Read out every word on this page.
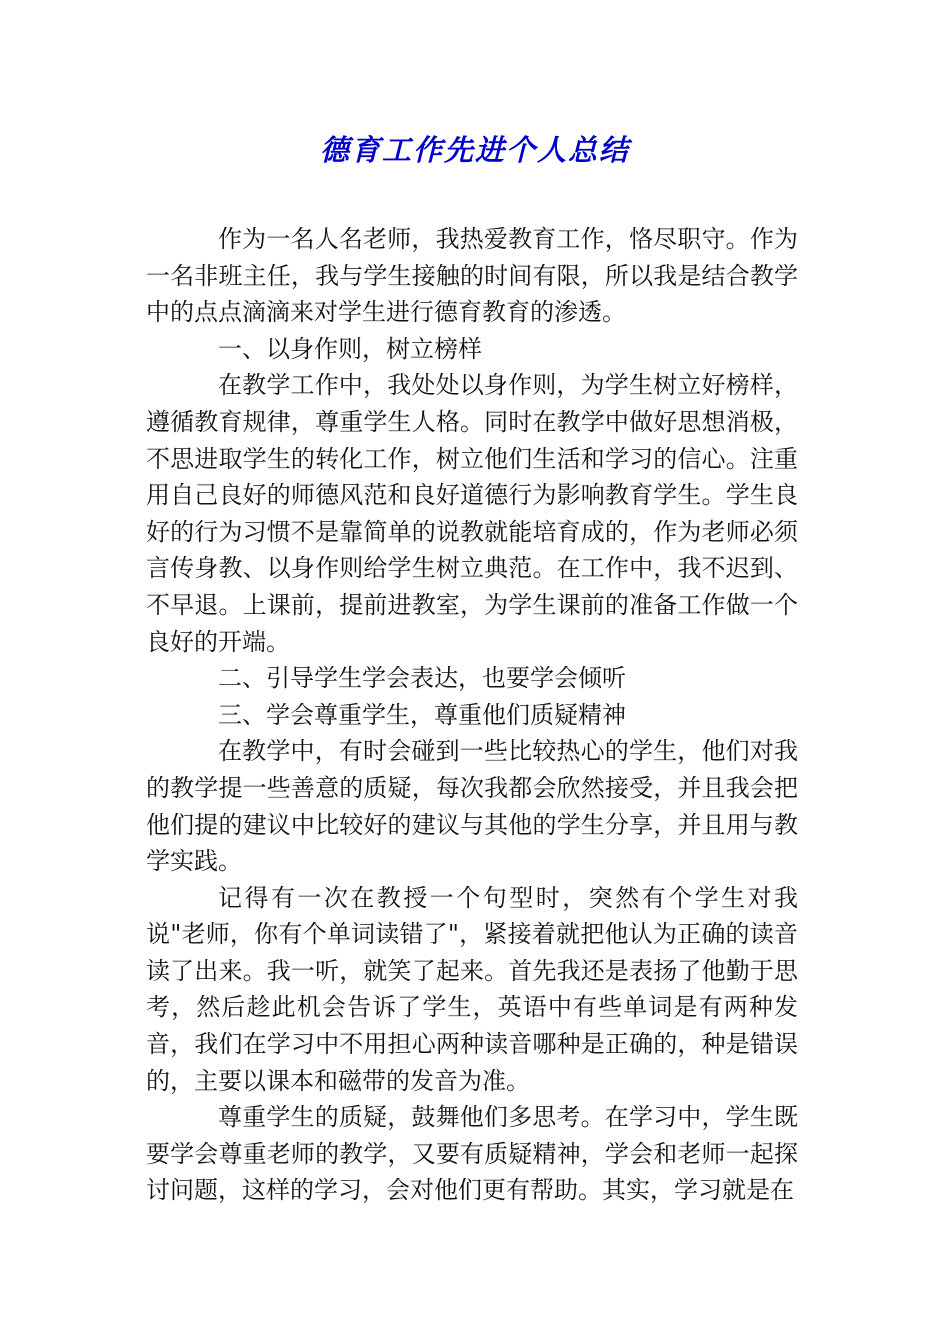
德育工作先进个人总结

作为一名人名老师，我热爱教育工作，恪尽职守。作为一名非班主任，我与学生接触的时间有限，所以我是结合教学中的点点滴滴来对学生进行德育教育的渗透。

一、以身作则，树立榜样

在教学工作中，我处处以身作则，为学生树立好榜样，遵循教育规律，尊重学生人格。同时在教学中做好思想消极，不思进取学生的转化工作，树立他们生活和学习的信心。注重用自己良好的师德风范和良好道德行为影响教育学生。学生良好的行为习惯不是靠简单的说教就能培育成的，作为老师必须言传身教、以身作则给学生树立典范。在工作中，我不迟到、不早退。上课前，提前进教室，为学生课前的准备工作做一个良好的开端。

二、引导学生学会表达，也要学会倾听

三、学会尊重学生，尊重他们质疑精神

在教学中，有时会碰到一些比较热心的学生，他们对我的教学提一些善意的质疑，每次我都会欣然接受，并且我会把他们提的建议中比较好的建议与其他的学生分享，并且用与教学实践。

记得有一次在教授一个句型时，突然有个学生对我说"老师，你有个单词读错了"，紧接着就把他认为正确的读音读了出来。我一听，就笑了起来。首先我还是表扬了他勤于思考，然后趁此机会告诉了学生，英语中有些单词是有两种发音，我们在学习中不用担心两种读音哪种是正确的，种是错误的，主要以课本和磁带的发音为准。

尊重学生的质疑，鼓舞他们多思考。在学习中，学生既要学会尊重老师的教学，又要有质疑精神，学会和老师一起探讨问题，这样的学习，会对他们更有帮助。其实，学习就是在
